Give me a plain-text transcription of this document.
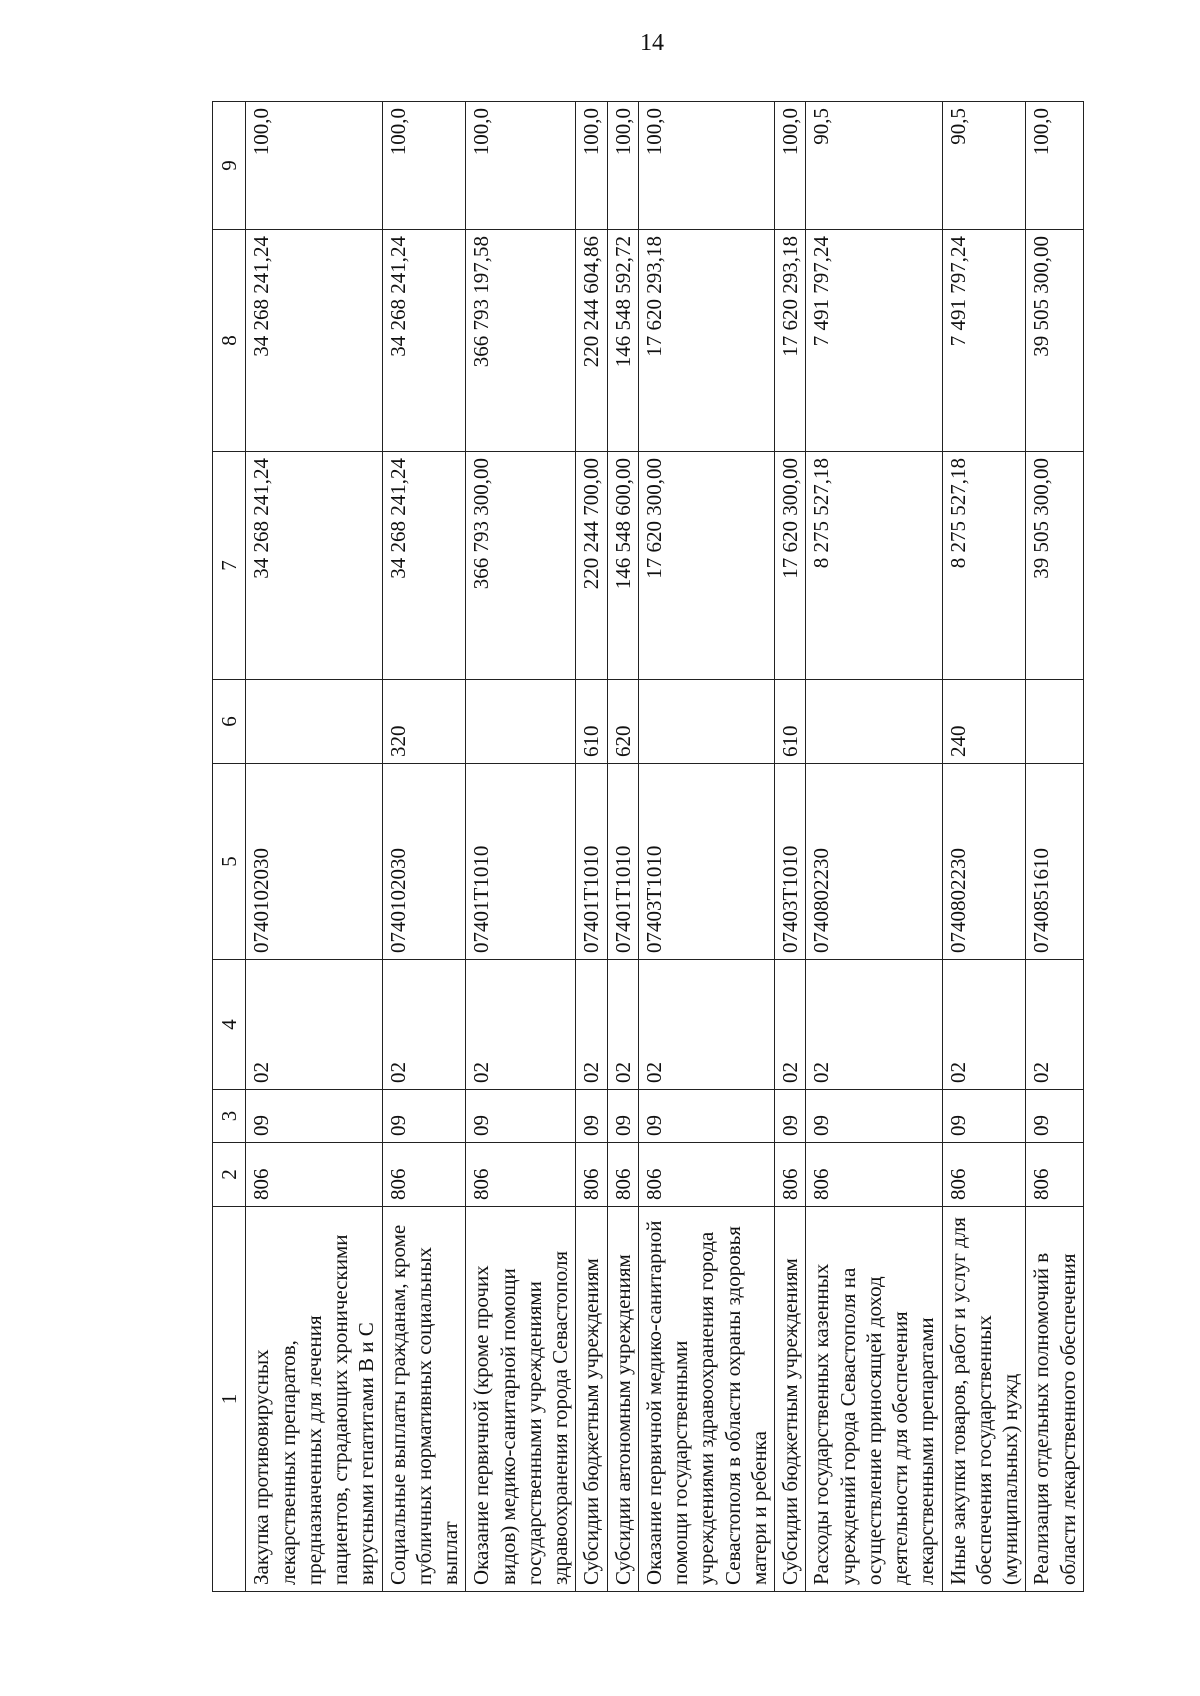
14
1	2	3	4	5	6	7	8	9
Закупка противовирусных лекарственных препаратов, предназначенных для лечения пациентов, страдающих хроническими вирусными гепатитами В и С	806	09	02	0740102030		34 268 241,24	34 268 241,24	100,0
Социальные выплаты гражданам, кроме публичных нормативных социальных выплат	806	09	02	0740102030	320	34 268 241,24	34 268 241,24	100,0
Оказание первичной (кроме прочих видов) медико-санитарной помощи государственными учреждениями здравоохранения города Севастополя	806	09	02	07401Т1010		366 793 300,00	366 793 197,58	100,0
Субсидии бюджетным учреждениям	806	09	02	07401Т1010	610	220 244 700,00	220 244 604,86	100,0
Субсидии автономным учреждениям	806	09	02	07401Т1010	620	146 548 600,00	146 548 592,72	100,0
Оказание первичной медико-санитарной помощи государственными учреждениями здравоохранения города Севастополя в области охраны здоровья матери и ребенка	806	09	02	07403Т1010		17 620 300,00	17 620 293,18	100,0
Субсидии бюджетным учреждениям	806	09	02	07403Т1010	610	17 620 300,00	17 620 293,18	100,0
Расходы государственных казенных учреждений города Севастополя на осуществление приносящей доход деятельности для обеспечения лекарственными препаратами	806	09	02	0740802230		8 275 527,18	7 491 797,24	90,5
Иные закупки товаров, работ и услуг для обеспечения государственных (муниципальных) нужд	806	09	02	0740802230	240	8 275 527,18	7 491 797,24	90,5
Реализация отдельных полномочий в области лекарственного обеспечения	806	09	02	0740851610		39 505 300,00	39 505 300,00	100,0
